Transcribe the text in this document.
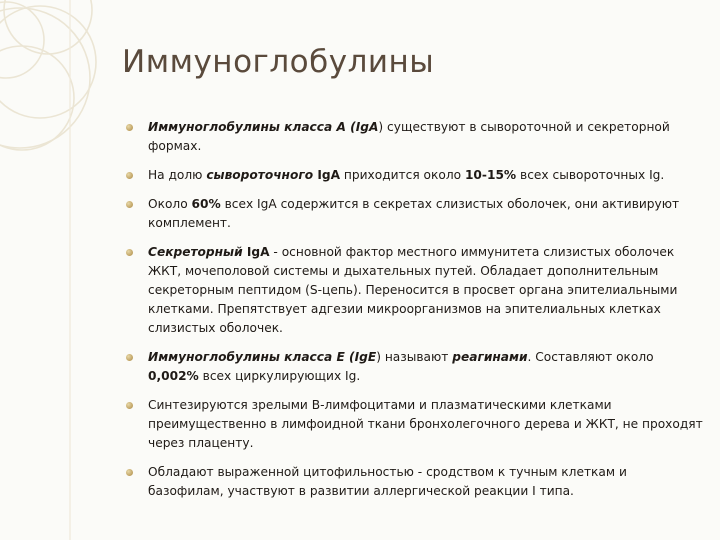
Иммуноглобулины
Иммуноглобулины класса А (IgA) существуют в сывороточной и секреторной формах.
На долю сывороточного IgA приходится около 10-15% всех сывороточных Ig.
Около 60% всех IgA содержится в секретах слизистых оболочек, они активируют комплемент.
Секреторный IgA - основной фактор местного иммунитета слизистых оболочек ЖКТ, мочеполовой системы и дыхательных путей. Обладает дополнительным секреторным пептидом (S-цепь). Переносится в просвет органа эпителиальными клетками. Препятствует адгезии микроорганизмов на эпителиальных клетках слизистых оболочек.
Иммуноглобулины класса Е (IgE) называют реагинами. Составляют около 0,002% всех циркулирующих Ig.
Синтезируются зрелыми В-лимфоцитами и плазматическими клетками преимущественно в лимфоидной ткани бронхолегочного дерева и ЖКТ, не проходят через плаценту.
Обладают выраженной цитофильностью - сродством к тучным клеткам и базофилам, участвуют в развитии аллергической реакции I типа.
